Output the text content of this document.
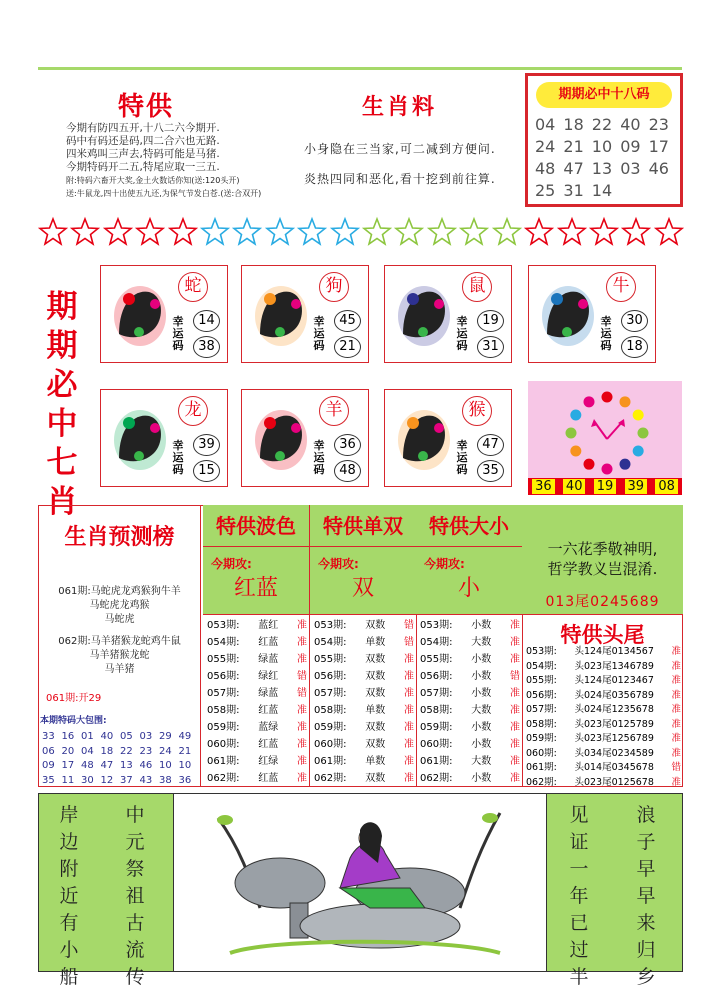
特供
今期有防四五开,十八二六今期开.
码中有码还是码,四二合六也无路.
四米鸡叫三声去,特码可能是马猪.
今期特码开二五,特尾应取一三五.
附:特码六畜开大奖,金土火数话你知(送:120头开)
送:牛鼠龙,四十出使五九还,为保气节发白苍.(送:合双开)
生肖料
小身隐在三当家,可二减到方便问.
炎热四同和恶化,看十挖到前往算.
期期必中十八码
04 18 22 40 23
24 21 10 09 17
48 47 13 03 46
25 31 14
期
期
必
中
七
肖
蛇
幸运码
14
38
狗
幸运码
45
21
鼠
幸运码
19
31
牛
幸运码
30
18
龙
幸运码
39
15
羊
幸运码
36
48
猴
幸运码
47
35
36 40 19 39 08
生肖预测榜
061期:马蛇虎龙鸡猴狗牛羊
马蛇虎龙鸡猴
马蛇虎
062期:马羊猪猴龙蛇鸡牛鼠
马羊猪猴龙蛇
马羊猪
061期:开29
本期特码大包围:
33 16 01 40 05 03 29 49
06 20 04 18 22 23 24 21
09 17 48 47 13 46 10 10
35 11 30 12 37 43 38 36
特供波色
今期攻:
红蓝
053期: 蓝红 准
054期: 红蓝 准
055期: 绿蓝 准
056期: 绿红 错
057期: 绿蓝 错
058期: 红蓝 准
059期: 蓝绿 准
060期: 红蓝 准
061期: 红绿 准
062期: 红蓝 准
特供单双
今期攻:
双
053期: 双数 错
054期: 单数 错
055期: 双数 准
056期: 双数 准
057期: 双数 准
058期: 单数 准
059期: 双数 准
060期: 双数 准
061期: 单数 准
062期: 双数 准
特供大小
今期攻:
小
053期: 小数 准
054期: 大数 准
055期: 小数 准
056期: 小数 错
057期: 小数 准
058期: 大数 准
059期: 小数 准
060期: 小数 准
061期: 大数 准
062期: 小数 准
一六花季敬神明,
哲学教义岂混淆.
013尾0245689
特供头尾
053期: 头124尾0134567 准
054期: 头023尾1346789 准
055期: 头124尾0123467 准
056期: 头024尾0356789 准
057期: 头024尾1235678 准
058期: 头023尾0125789 准
059期: 头023尾1256789 准
060期: 头034尾0234589 准
061期: 头014尾0345678 错
062期: 头023尾0125678 准
岸
边
附
近
有
小
船
中
元
祭
祖
古
流
传
见
证
一
年
已
过
半
浪
子
早
早
来
归
乡
